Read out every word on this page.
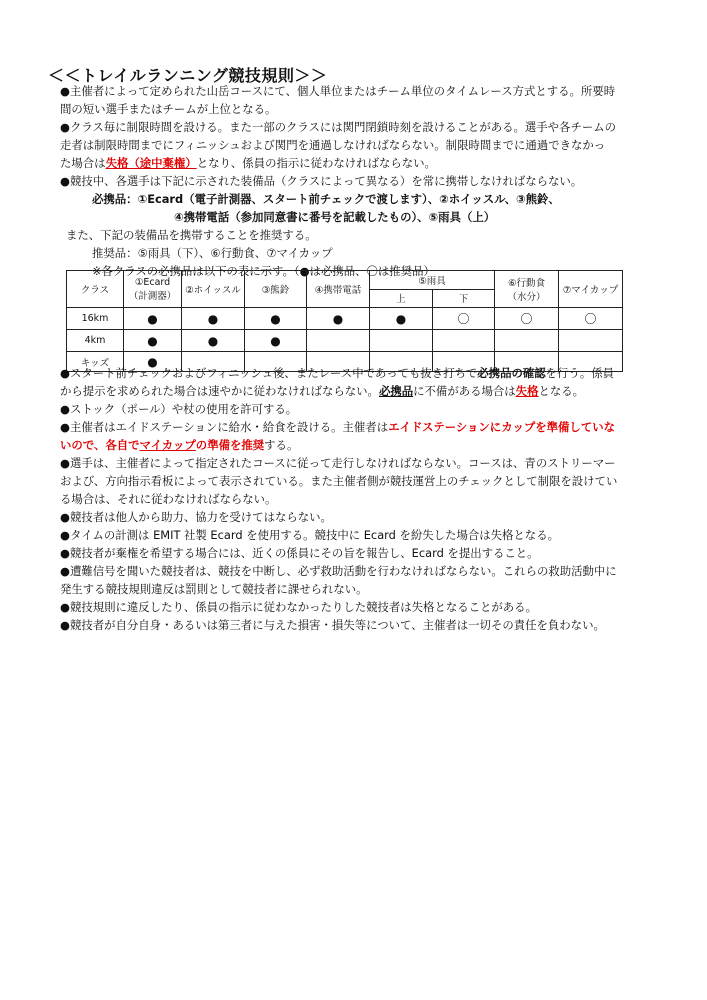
＜＜トレイルランニング競技規則＞＞
●主催者によって定められた山岳コースにて、個人単位またはチーム単位のタイムレース方式とする。所要時
間の短い選手またはチームが上位となる。
●クラス毎に制限時間を設ける。また一部のクラスには関門閉鎖時刻を設けることがある。選手や各チームの
走者は制限時間までにフィニッシュおよび関門を通過しなければならない。制限時間までに通過できなかっ
た場合は失格（途中棄権）となり、係員の指示に従わなければならない。
●競技中、各選手は下記に示された装備品（クラスによって異なる）を常に携帯しなければならない。
必携品：①Ecard（電子計測器、スタート前チェックで渡します）、②ホイッスル、③熊鈴、
④携帯電話（参加同意書に番号を記載したもの）、⑤雨具（上）
また、下記の装備品を携帯することを推奨する。
推奨品：⑤雨具（下）、⑥行動食、⑦マイカップ
※各クラスの必携品は以下の表に示す。（●は必携品、〇は推奨品）
クラス	①Ecard
（計測器）	②ホイッスル	③熊鈴	④携帯電話	⑤雨具		⑥行動食
（水分）	⑦マイカップ
					上	下		
16km	●	●	●	●	●	〇	〇	〇
4km	●	●	●					
キッズ	●							
●スタート前チェックおよびフィニッシュ後、またレース中であっても抜き打ちで必携品の確認を行う。係員
から提示を求められた場合は速やかに従わなければならない。必携品に不備がある場合は失格となる。
●ストック（ポール）や杖の使用を許可する。
●主催者はエイドステーションに給水・給食を設ける。主催者はエイドステーションにカップを準備していな
いので、各自でマイカップの準備を推奨する。
●選手は、主催者によって指定されたコースに従って走行しなければならない。コースは、青のストリーマー
および、方向指示看板によって表示されている。また主催者側が競技運営上のチェックとして制限を設けてい
る場合は、それに従わなければならない。
●競技者は他人から助力、協力を受けてはならない。
●タイムの計測は EMIT 社製 Ecard を使用する。競技中に Ecard を紛失した場合は失格となる。
●競技者が棄権を希望する場合には、近くの係員にその旨を報告し、Ecard を提出すること。
●遭難信号を聞いた競技者は、競技を中断し、必ず救助活動を行わなければならない。これらの救助活動中に
発生する競技規則違反は罰則として競技者に課せられない。
●競技規則に違反したり、係員の指示に従わなかったりした競技者は失格となることがある。
●競技者が自分自身・あるいは第三者に与えた損害・損失等について、主催者は一切その責任を負わない。
